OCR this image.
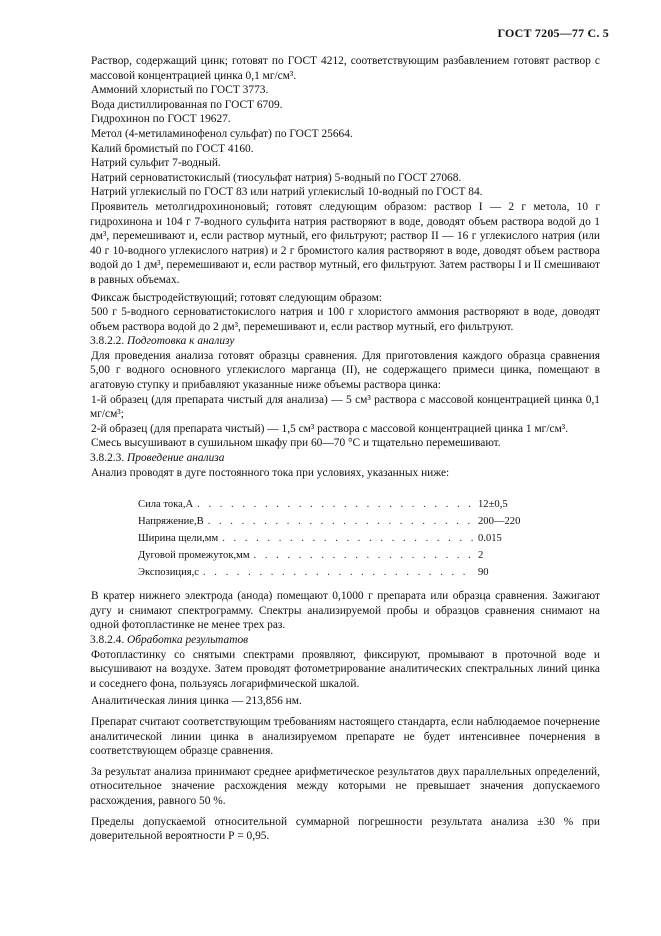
ГОСТ 7205—77 С. 5

Раствор, содержащий цинк; готовят по ГОСТ 4212, соответствующим разбавлением готовят раствор с массовой концентрацией цинка 0,1 мг/см³.

Аммоний хлористый по ГОСТ 3773.

Вода дистиллированная по ГОСТ 6709.

Гидрохинон по ГОСТ 19627.

Метол (4-метиламинофенол сульфат) по ГОСТ 25664.

Калий бромистый по ГОСТ 4160.

Натрий сульфит 7-водный.

Натрий серноватистокислый (тиосульфат натрия) 5-водный по ГОСТ 27068.

Натрий углекислый по ГОСТ 83 или натрий углекислый 10-водный по ГОСТ 84.

Проявитель метолгидрохиноновый; готовят следующим образом: раствор I — 2 г метола, 10 г гидрохинона и 104 г 7-водного сульфита натрия растворяют в воде, доводят объем раствора водой до 1 дм³, перемешивают и, если раствор мутный, его фильтруют; раствор II — 16 г углекислого натрия (или 40 г 10-водного углекислого натрия) и 2 г бромистого калия растворяют в воде, доводят объем раствора водой до 1 дм³, перемешивают и, если раствор мутный, его фильтруют. Затем растворы I и II смешивают в равных объемах.

Фиксаж быстродействующий; готовят следующим образом:

500 г 5-водного серноватистокислого натрия и 100 г хлористого аммония растворяют в воде, доводят объем раствора водой до 2 дм³, перемешивают и, если раствор мутный, его фильтруют.

3.8.2.2. Подготовка к анализу

Для проведения анализа готовят образцы сравнения. Для приготовления каждого образца сравнения 5,00 г водного основного углекислого марганца (II), не содержащего примеси цинка, помещают в агатовую ступку и прибавляют указанные ниже объемы раствора цинка:

1-й образец (для препарата чистый для анализа) — 5 см³ раствора с массовой концентрацией цинка 0,1 мг/см³;

2-й образец (для препарата чистый) — 1,5 см³ раствора с массовой концентрацией цинка 1 мг/см³.

Смесь высушивают в сушильном шкафу при 60—70 °С и тщательно перемешивают.

3.8.2.3. Проведение анализа

Анализ проводят в дуге постоянного тока при условиях, указанных ниже:

Сила тока,А . . .	12±0,5
Напряжение,В . . .	200—220
Ширина щели,мм . . .	0.015
Дуговой промежуток,мм . . .	2
Экспозиция,с . . .	90

В кратер нижнего электрода (анода) помещают 0,1000 г препарата или образца сравнения. Зажигают дугу и снимают спектрограмму. Спектры анализируемой пробы и образцов сравнения снимают на одной фотопластинке не менее трех раз.

3.8.2.4. Обработка результатов

Фотопластинку со снятыми спектрами проявляют, фиксируют, промывают в проточной воде и высушивают на воздухе. Затем проводят фотометрирование аналитических спектральных линий цинка и соседнего фона, пользуясь логарифмической шкалой.

Аналитическая линия цинка — 213,856 нм.

Препарат считают соответствующим требованиям настоящего стандарта, если наблюдаемое почернение аналитической линии цинка в анализируемом препарате не будет интенсивнее почернения в соответствующем образце сравнения.

За результат анализа принимают среднее арифметическое результатов двух параллельных определений, относительное значение расхождения между которыми не превышает значения допускаемого расхождения, равного 50 %.

Пределы допускаемой относительной суммарной погрешности результата анализа ±30 % при доверительной вероятности Р = 0,95.
